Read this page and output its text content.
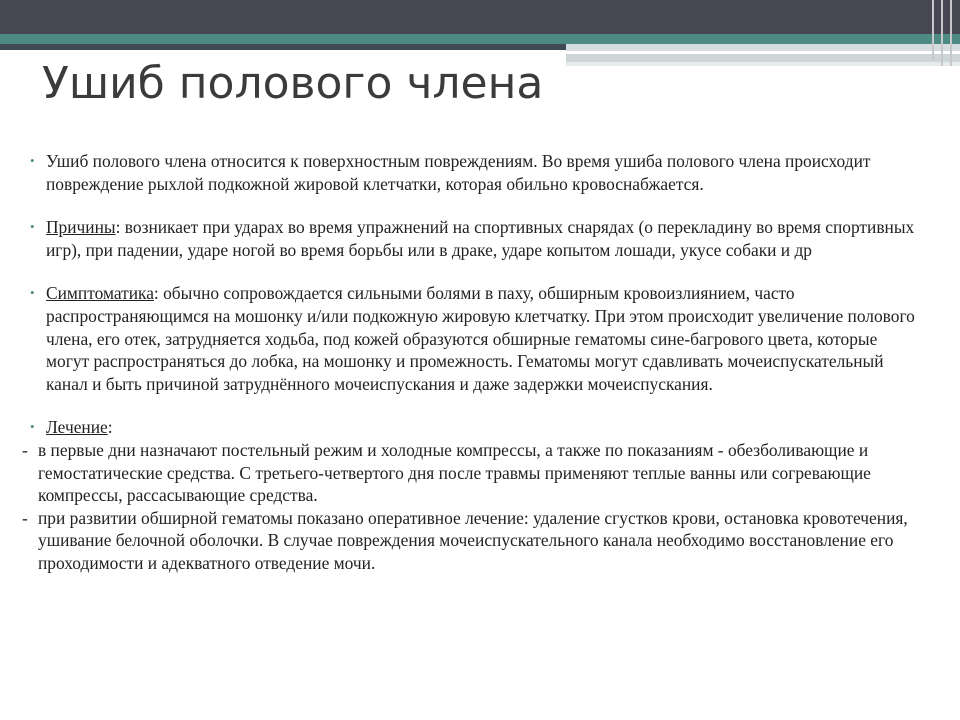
Ушиб полового члена
• Ушиб полового члена относится к поверхностным повреждениям. Во время ушиба полового члена происходит повреждение рыхлой подкожной жировой клетчатки, которая обильно кровоснабжается.
• Причины: возникает при ударах во время упражнений на спортивных снарядах (о перекладину во время спортивных игр), при падении, ударе ногой во время борьбы или в драке, ударе копытом лошади, укусе собаки и др
• Симптоматика: обычно сопровождается сильными болями в паху, обширным кровоизлиянием, часто распространяющимся на мошонку и/или подкожную жировую клетчатку. При этом происходит увеличение полового члена, его отек, затрудняется ходьба, под кожей образуются обширные гематомы сине-багрового цвета, которые могут распространяться до лобка, на мошонку и промежность. Гематомы могут сдавливать мочеиспускательный канал и быть причиной затруднённого мочеиспускания и даже задержки мочеиспускания.
• Лечение:
- в первые дни назначают постельный режим и холодные компрессы, а также по показаниям - обезболивающие и гемостатические средства. С третьего-четвертого дня после травмы применяют теплые ванны или согревающие компрессы, рассасывающие средства.
- при развитии обширной гематомы показано оперативное лечение: удаление сгустков крови, остановка кровотечения, ушивание белочной оболочки. В случае повреждения мочеиспускательного канала необходимо восстановление его проходимости и адекватного отведение мочи.
